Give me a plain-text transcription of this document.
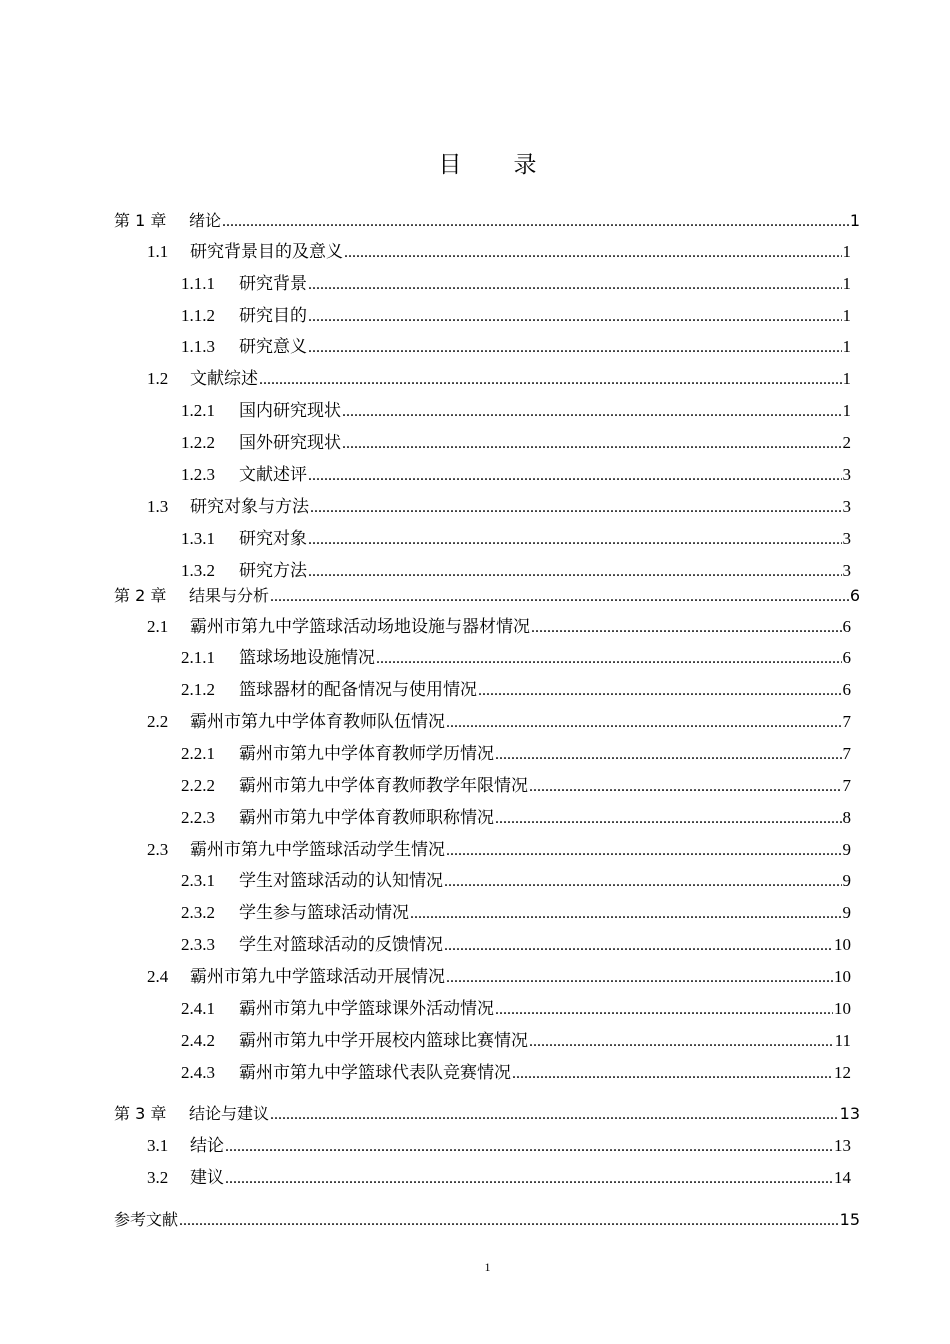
目 录
第 1 章	绪论 .....	1
1.1	研究背景目的及意义 .....	1
1.1.1	研究背景 .....	1
1.1.2	研究目的 .....	1
1.1.3	研究意义 .....	1
1.2	文献综述 .....	1
1.2.1	国内研究现状 .....	1
1.2.2	国外研究现状 .....	2
1.2.3	文献述评 .....	3
1.3	研究对象与方法 .....	3
1.3.1	研究对象 .....	3
1.3.2	研究方法 .....	3
第 2 章	结果与分析 .....	6
2.1	霸州市第九中学篮球活动场地设施与器材情况 .....	6
2.1.1	篮球场地设施情况 .....	6
2.1.2	篮球器材的配备情况与使用情况 .....	6
2.2	霸州市第九中学体育教师队伍情况 .....	7
2.2.1	霸州市第九中学体育教师学历情况 .....	7
2.2.2	霸州市第九中学体育教师教学年限情况 .....	7
2.2.3	霸州市第九中学体育教师职称情况 .....	8
2.3	霸州市第九中学篮球活动学生情况 .....	9
2.3.1	学生对篮球活动的认知情况 .....	9
2.3.2	学生参与篮球活动情况 .....	9
2.3.3	学生对篮球活动的反馈情况 .....	10
2.4	霸州市第九中学篮球活动开展情况 .....	10
2.4.1	霸州市第九中学篮球课外活动情况 .....	10
2.4.2	霸州市第九中学开展校内篮球比赛情况 .....	11
2.4.3	霸州市第九中学篮球代表队竞赛情况 .....	12
第 3 章	结论与建议 .....	13
3.1	结论 .....	13
3.2	建议 .....	14
参考文献 .....	15
1
